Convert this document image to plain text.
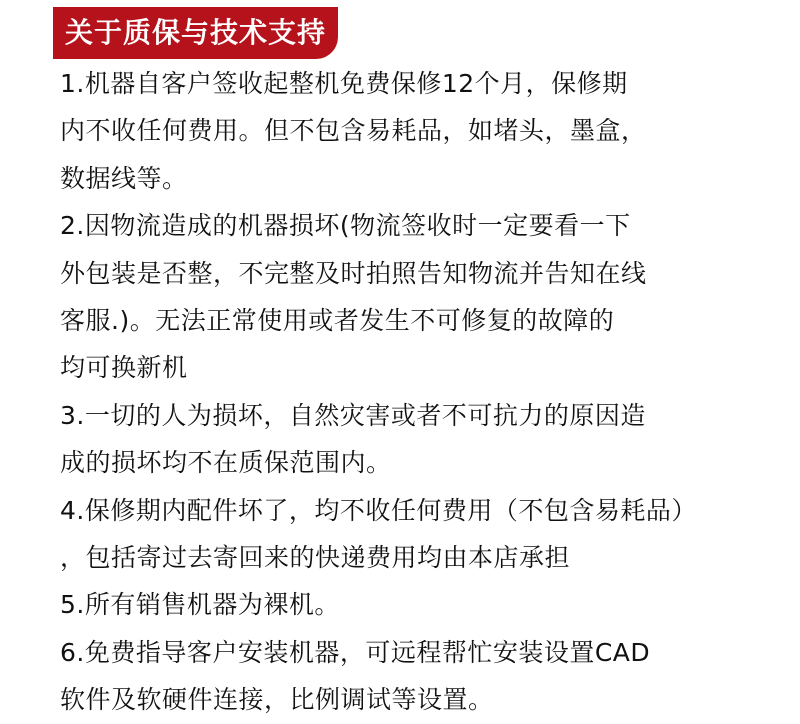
关于质保与技术支持
1.机器自客户签收起整机免费保修12个月，保修期
内不收任何费用。但不包含易耗品，如堵头，墨盒，
数据线等。
2.因物流造成的机器损坏(物流签收时一定要看一下
外包装是否整，不完整及时拍照告知物流并告知在线
客服.)。无法正常使用或者发生不可修复的故障的
均可换新机
3.一切的人为损坏，自然灾害或者不可抗力的原因造
成的损坏均不在质保范围内。
4.保修期内配件坏了，均不收任何费用（不包含易耗品）
，包括寄过去寄回来的快递费用均由本店承担
5.所有销售机器为裸机。
6.免费指导客户安装机器，可远程帮忙安装设置CAD
软件及软硬件连接，比例调试等设置。
